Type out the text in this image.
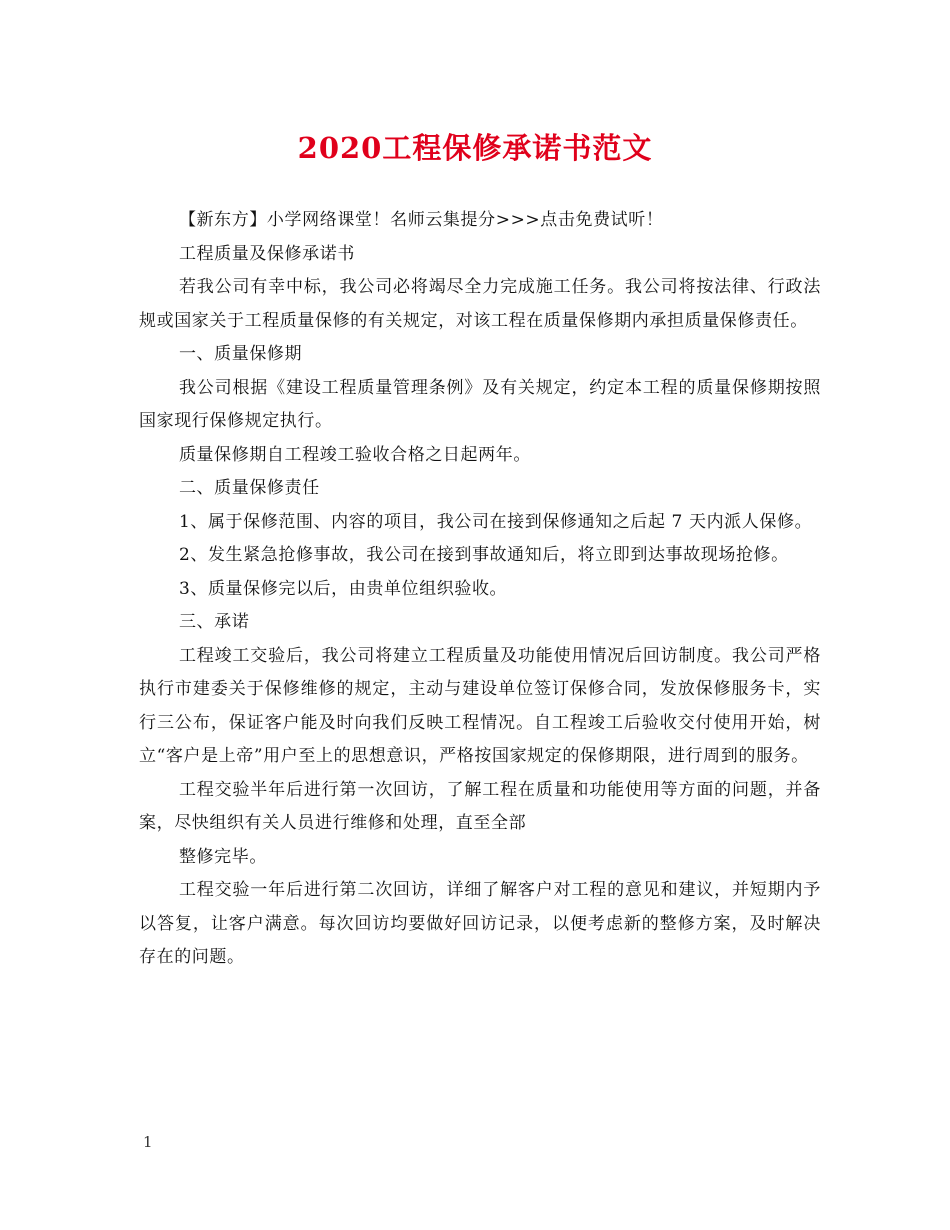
2020工程保修承诺书范文

【新东方】小学网络课堂！名师云集提分>>>点击免费试听！

工程质量及保修承诺书

若我公司有幸中标，我公司必将竭尽全力完成施工任务。我公司将按法律、行政法规或国家关于工程质量保修的有关规定，对该工程在质量保修期内承担质量保修责任。

一、质量保修期

我公司根据《建设工程质量管理条例》及有关规定，约定本工程的质量保修期按照国家现行保修规定执行。

质量保修期自工程竣工验收合格之日起两年。

二、质量保修责任

1、属于保修范围、内容的项目，我公司在接到保修通知之后起 7 天内派人保修。

2、发生紧急抢修事故，我公司在接到事故通知后，将立即到达事故现场抢修。

3、质量保修完以后，由贵单位组织验收。

三、承诺

工程竣工交验后，我公司将建立工程质量及功能使用情况后回访制度。我公司严格执行市建委关于保修维修的规定，主动与建设单位签订保修合同，发放保修服务卡，实行三公布，保证客户能及时向我们反映工程情况。自工程竣工后验收交付使用开始，树立“客户是上帝”用户至上的思想意识，严格按国家规定的保修期限，进行周到的服务。

工程交验半年后进行第一次回访，了解工程在质量和功能使用等方面的问题，并备案，尽快组织有关人员进行维修和处理，直至全部

整修完毕。

工程交验一年后进行第二次回访，详细了解客户对工程的意见和建议，并短期内予以答复，让客户满意。每次回访均要做好回访记录，以便考虑新的整修方案，及时解决存在的问题。

1
